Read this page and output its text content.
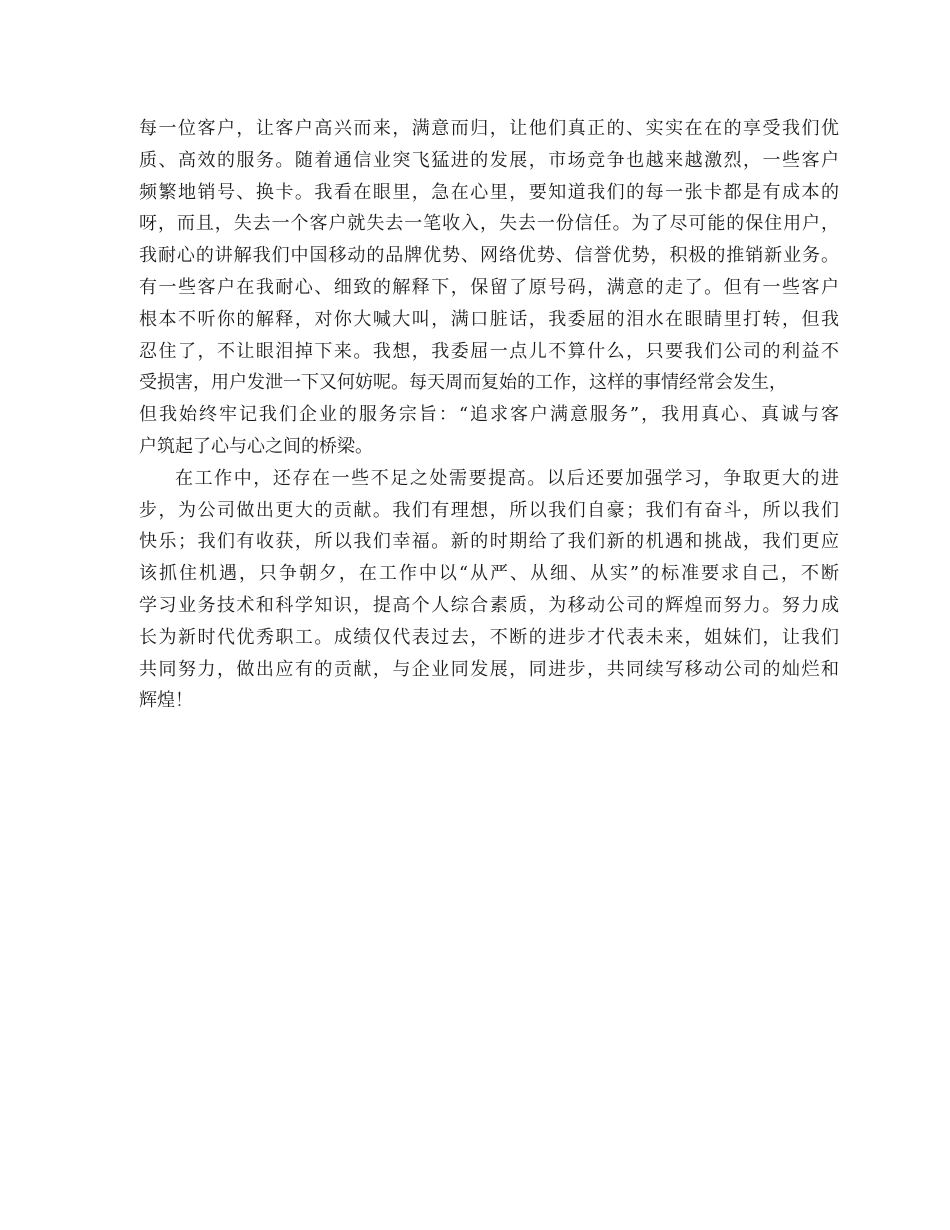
每一位客户，让客户高兴而来，满意而归，让他们真正的、实实在在的享受我们优
质、高效的服务。随着通信业突飞猛进的发展，市场竞争也越来越激烈，一些客户
频繁地销号、换卡。我看在眼里，急在心里，要知道我们的每一张卡都是有成本的
呀，而且，失去一个客户就失去一笔收入，失去一份信任。为了尽可能的保住用户，
我耐心的讲解我们中国移动的品牌优势、网络优势、信誉优势，积极的推销新业务。
有一些客户在我耐心、细致的解释下，保留了原号码，满意的走了。但有一些客户
根本不听你的解释，对你大喊大叫，满口脏话，我委屈的泪水在眼睛里打转，但我
忍住了，不让眼泪掉下来。我想，我委屈一点儿不算什么，只要我们公司的利益不
受损害，用户发泄一下又何妨呢。每天周而复始的工作，这样的事情经常会发生，
但我始终牢记我们企业的服务宗旨：“追求客户满意服务”，我用真心、真诚与客
户筑起了心与心之间的桥梁。
在工作中，还存在一些不足之处需要提高。以后还要加强学习，争取更大的进
步，为公司做出更大的贡献。我们有理想，所以我们自豪；我们有奋斗，所以我们
快乐；我们有收获，所以我们幸福。新的时期给了我们新的机遇和挑战，我们更应
该抓住机遇，只争朝夕，在工作中以“从严、从细、从实”的标准要求自己，不断
学习业务技术和科学知识，提高个人综合素质，为移动公司的辉煌而努力。努力成
长为新时代优秀职工。成绩仅代表过去，不断的进步才代表未来，姐妹们，让我们
共同努力，做出应有的贡献，与企业同发展，同进步，共同续写移动公司的灿烂和
辉煌！
